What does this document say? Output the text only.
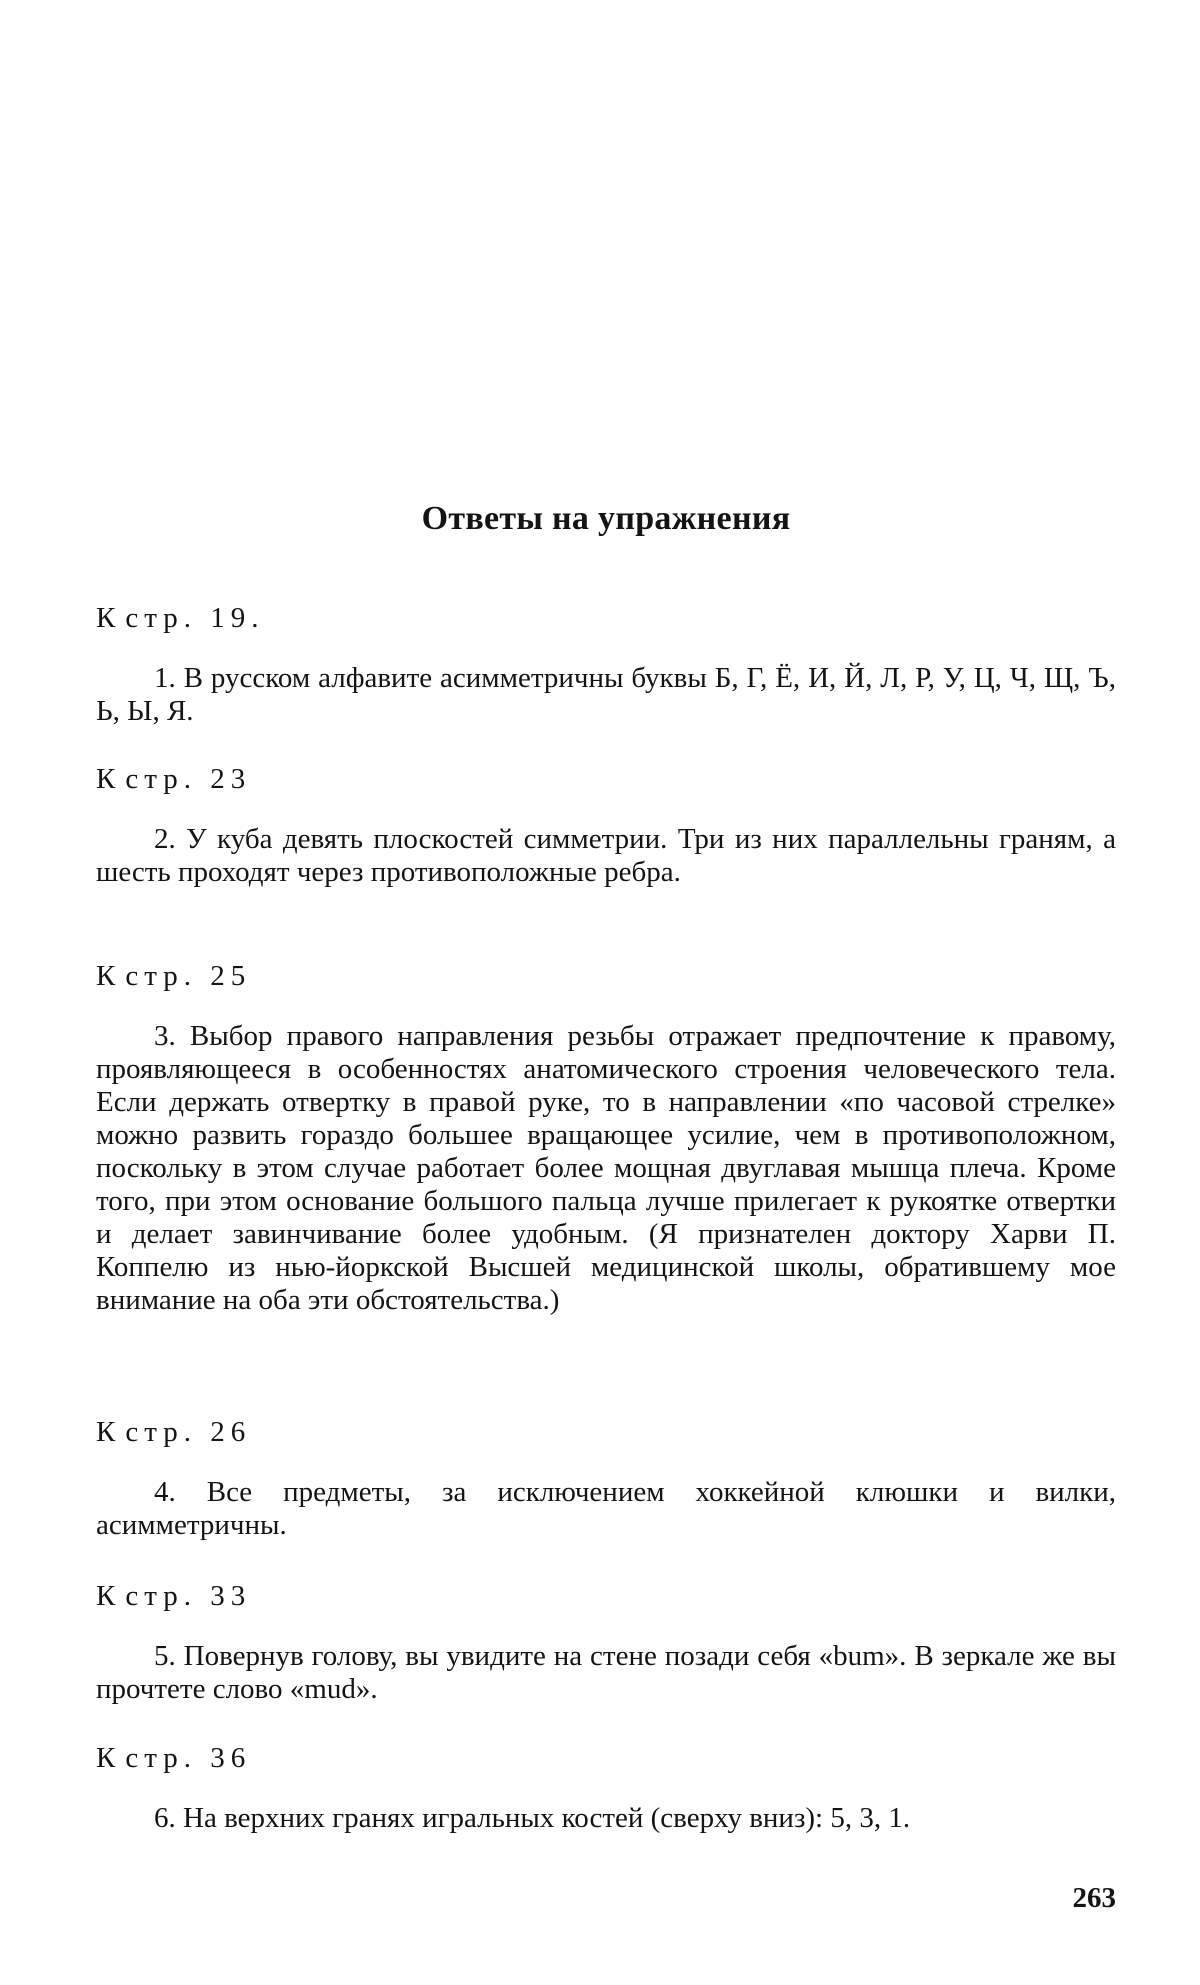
Ответы на упражнения

К стр. 19.

1. В русском алфавите асимметричны буквы Б, Г, Ё, И, Й, Л, Р, У, Ц, Ч, Щ, Ъ, Ь, Ы, Я.

К стр. 23

2. У куба девять плоскостей симметрии. Три из них параллельны граням, а шесть проходят через противоположные ребра.

К стр. 25

3. Выбор правого направления резьбы отражает предпочтение к правому, проявляющееся в особенностях анатомического строения человеческого тела. Если держать отвертку в правой руке, то в направлении «по часовой стрелке» можно развить гораздо большее вращающее усилие, чем в противоположном, поскольку в этом случае работает более мощная двуглавая мышца плеча. Кроме того, при этом основание большого пальца лучше прилегает к рукоятке отвертки и делает завинчивание более удобным. (Я признателен доктору Харви П. Коппелю из нью-йоркской Высшей медицинской школы, обратившему мое внимание на оба эти обстоятельства.)

К стр. 26

4. Все предметы, за исключением хоккейной клюшки и вилки, асимметричны.

К стр. 33

5. Повернув голову, вы увидите на стене позади себя «bum». В зеркале же вы прочтете слово «mud».

К стр. 36

6. На верхних гранях игральных костей (сверху вниз): 5, 3, 1.

263
